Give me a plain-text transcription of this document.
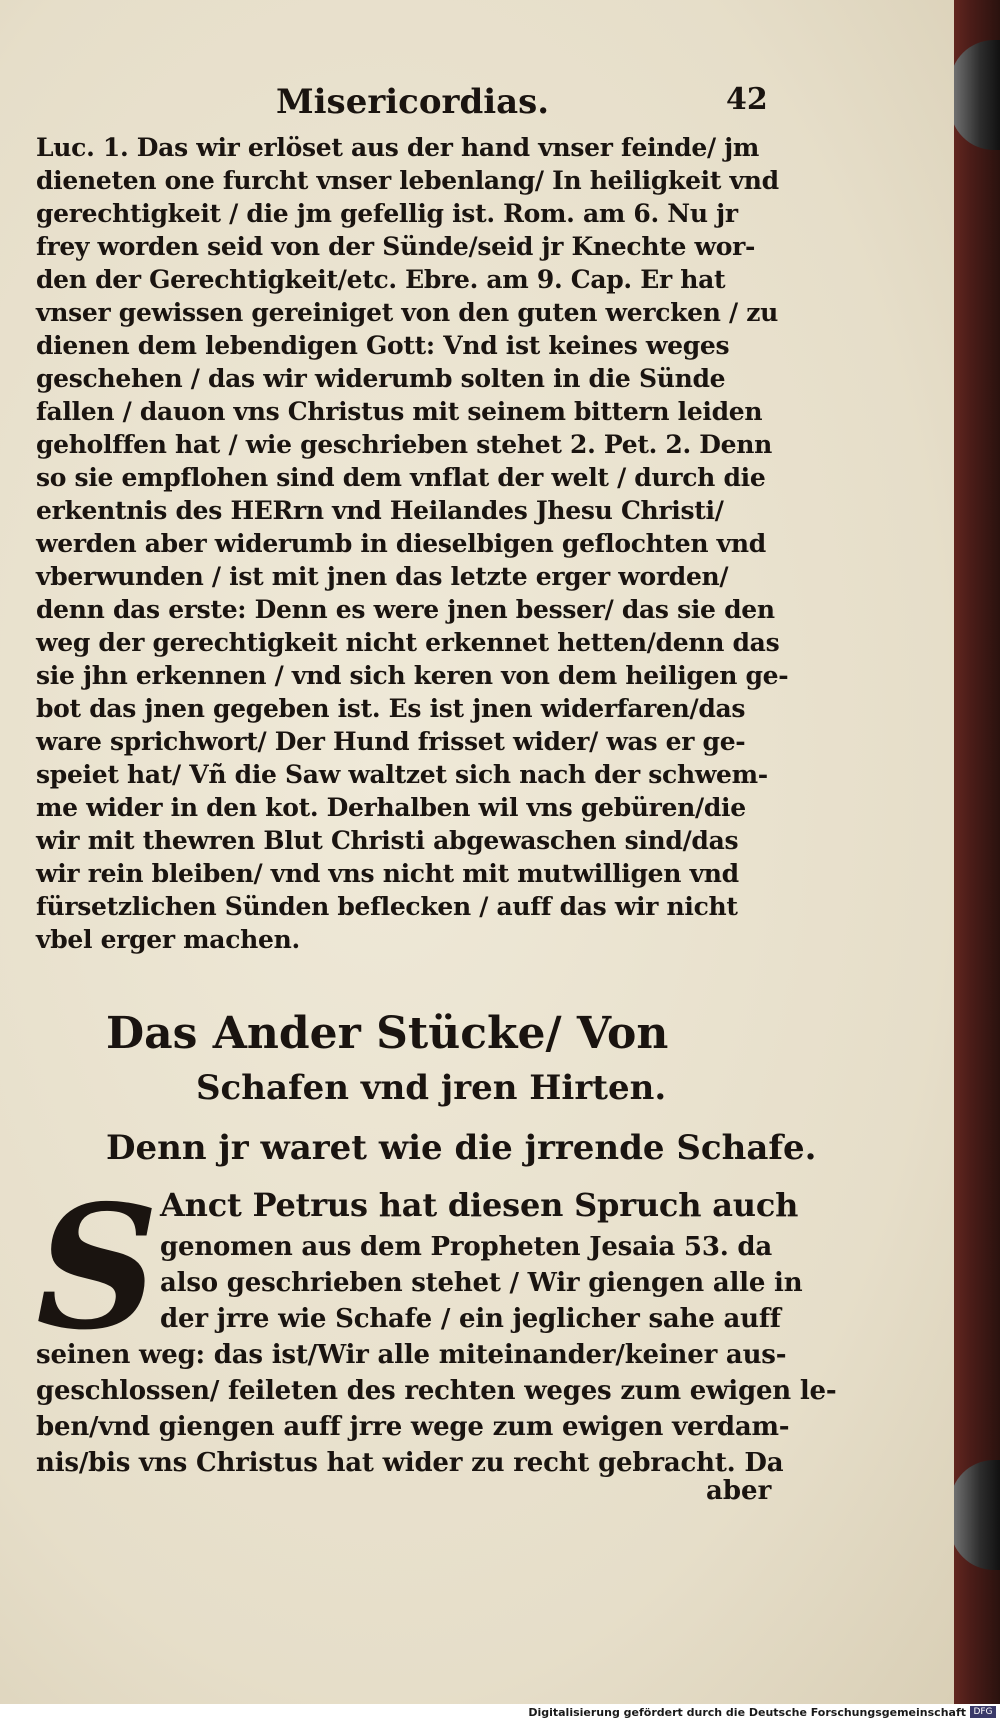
Misericordias.	42
Luc. 1. Das wir erlöset aus der hand vnser feinde/ jm
dieneten one furcht vnser lebenlang/ In heiligkeit vnd
gerechtigkeit / die jm gefellig ist. Rom. am 6. Nu jr
frey worden seid von der Sünde/seid jr Knechte wor-
den der Gerechtigkeit/etc. Ebre. am 9. Cap. Er hat
vnser gewissen gereiniget von den guten wercken / zu
dienen dem lebendigen Gott: Vnd ist keines weges
geschehen / das wir widerumb solten in die Sünde
fallen / dauon vns Christus mit seinem bittern leiden
geholffen hat / wie geschrieben stehet 2. Pet. 2. Denn
so sie empflohen sind dem vnflat der welt / durch die
erkentnis des HERrn vnd Heilandes Jhesu Christi/
werden aber widerumb in dieselbigen geflochten vnd
vberwunden / ist mit jnen das letzte erger worden/
denn das erste: Denn es were jnen besser/ das sie den
weg der gerechtigkeit nicht erkennet hetten/denn das
sie jhn erkennen / vnd sich keren von dem heiligen ge-
bot das jnen gegeben ist. Es ist jnen widerfaren/das
ware sprichwort/ Der Hund frisset wider/ was er ge-
speiet hat/ Vñ die Saw waltzet sich nach der schwem-
me wider in den kot. Derhalben wil vns gebüren/die
wir mit thewren Blut Christi abgewaschen sind/das
wir rein bleiben/ vnd vns nicht mit mutwilligen vnd
fürsetzlichen Sünden beflecken / auff das wir nicht
vbel erger machen.
Das Ander Stücke/ Von
Schafen vnd jren Hirten.
Denn jr waret wie die jrrende Schafe.
S Anct Petrus hat diesen Spruch auch
genomen aus dem Propheten Jesaia 53. da
also geschrieben stehet / Wir giengen alle in
der jrre wie Schafe / ein jeglicher sahe auff
seinen weg: das ist/Wir alle miteinander/keiner aus-
geschlossen/ feileten des rechten weges zum ewigen le-
ben/vnd giengen auff jrre wege zum ewigen verdam-
nis/bis vns Christus hat wider zu recht gebracht. Da
aber
Digitalisierung gefördert durch die Deutsche Forschungsgemeinschaft DFG
